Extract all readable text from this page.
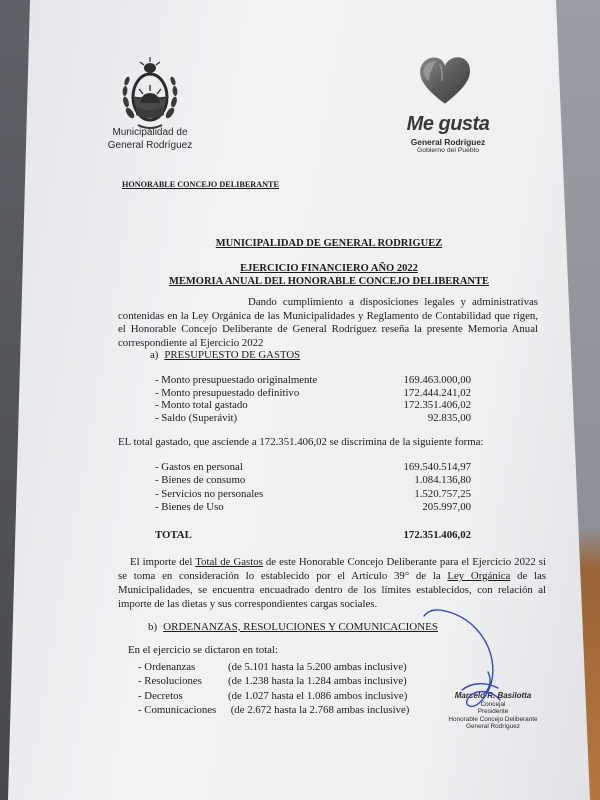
Municipalidad de
General Rodríguez
Me gusta
General Rodríguez
Gobierno del Pueblo
HONORABLE CONCEJO DELIBERANTE
MUNICIPALIDAD DE GENERAL RODRIGUEZ
EJERCICIO FINANCIERO AÑO 2022
MEMORIA ANUAL DEL HONORABLE CONCEJO DELIBERANTE
Dando cumplimiento a disposiciones legales y administrativas contenidas en la Ley Orgánica de las Municipalidades y Reglamento de Contabilidad que rigen, el Honorable Concejo Deliberante de General Rodríguez reseña la presente Memoria Anual correspondiente al Ejercicio 2022
a) PRESUPUESTO DE GASTOS
- Monto presupuestado originalmente	169.463.000,00
- Monto presupuestado definitivo	172.444.241,02
- Monto total gastado	172.351.406,02
- Saldo (Superávit)	92.835,00
EL total gastado, que asciende a 172.351.406,02 se discrimina de la siguiente forma:
- Gastos en personal	169.540.514,97
- Bienes de consumo	1.084.136,80
- Servicios no personales	1.520.757,25
- Bienes de Uso	205.997,00
TOTAL	172.351.406,02
El importe del Total de Gastos de este Honorable Concejo Deliberante para el Ejercicio 2022 si se toma en consideración lo establecido por el Artículo 39° de la Ley Orgánica de las Municipalidades, se encuentra encuadrado dentro de los límites establecidos, con relación al importe de las dietas y sus correspondientes cargas sociales.
b) ORDENANZAS, RESOLUCIONES Y COMUNICACIONES
En el ejercicio se dictaron en total:
- Ordenanzas	(de 5.101 hasta la 5.200 ambas inclusive)
- Resoluciones (de 1.238 hasta la 1.284 ambas inclusive)
- Decretos	(de 1.027 hasta el 1.086 ambos inclusive)
- Comunicaciones (de 2.672 hasta la 2.768 ambas inclusive)
Marcelo R. Basilotta
Concejal
Presidente
Honorable Concejo Deliberante
General Rodríguez
